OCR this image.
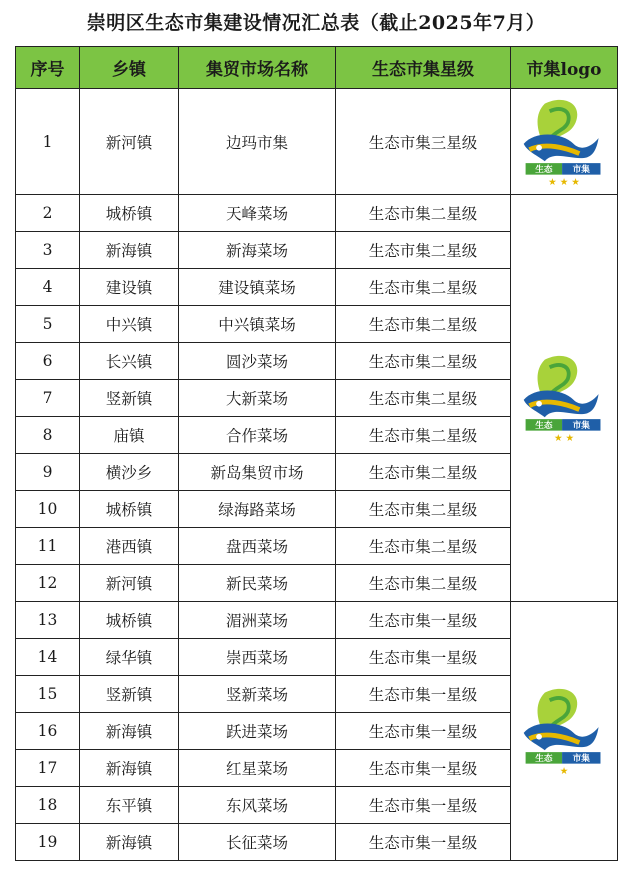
崇明区生态市集建设情况汇总表（截止2025年7月）
序号	乡镇	集贸市场名称	生态市集星级	市集logo
1	新河镇	边玛市集	生态市集三星级	生态 市集
★ ★ ★

2	城桥镇	天峰菜场	生态市集二星级	生态 市集
★ ★

3	新海镇	新海菜场	生态市集二星级	
4	建设镇	建设镇菜场	生态市集二星级	
5	中兴镇	中兴镇菜场	生态市集二星级	
6	长兴镇	圆沙菜场	生态市集二星级	
7	竖新镇	大新菜场	生态市集二星级	
8	庙镇	合作菜场	生态市集二星级	
9	横沙乡	新岛集贸市场	生态市集二星级	
10	城桥镇	绿海路菜场	生态市集二星级	
11	港西镇	盘西菜场	生态市集二星级	
12	新河镇	新民菜场	生态市集二星级	
13	城桥镇	湄洲菜场	生态市集一星级	生态 市集
★

14	绿华镇	崇西菜场	生态市集一星级	
15	竖新镇	竖新菜场	生态市集一星级	
16	新海镇	跃进菜场	生态市集一星级	
17	新海镇	红星菜场	生态市集一星级	
18	东平镇	东风菜场	生态市集一星级	
19	新海镇	长征菜场	生态市集一星级	
